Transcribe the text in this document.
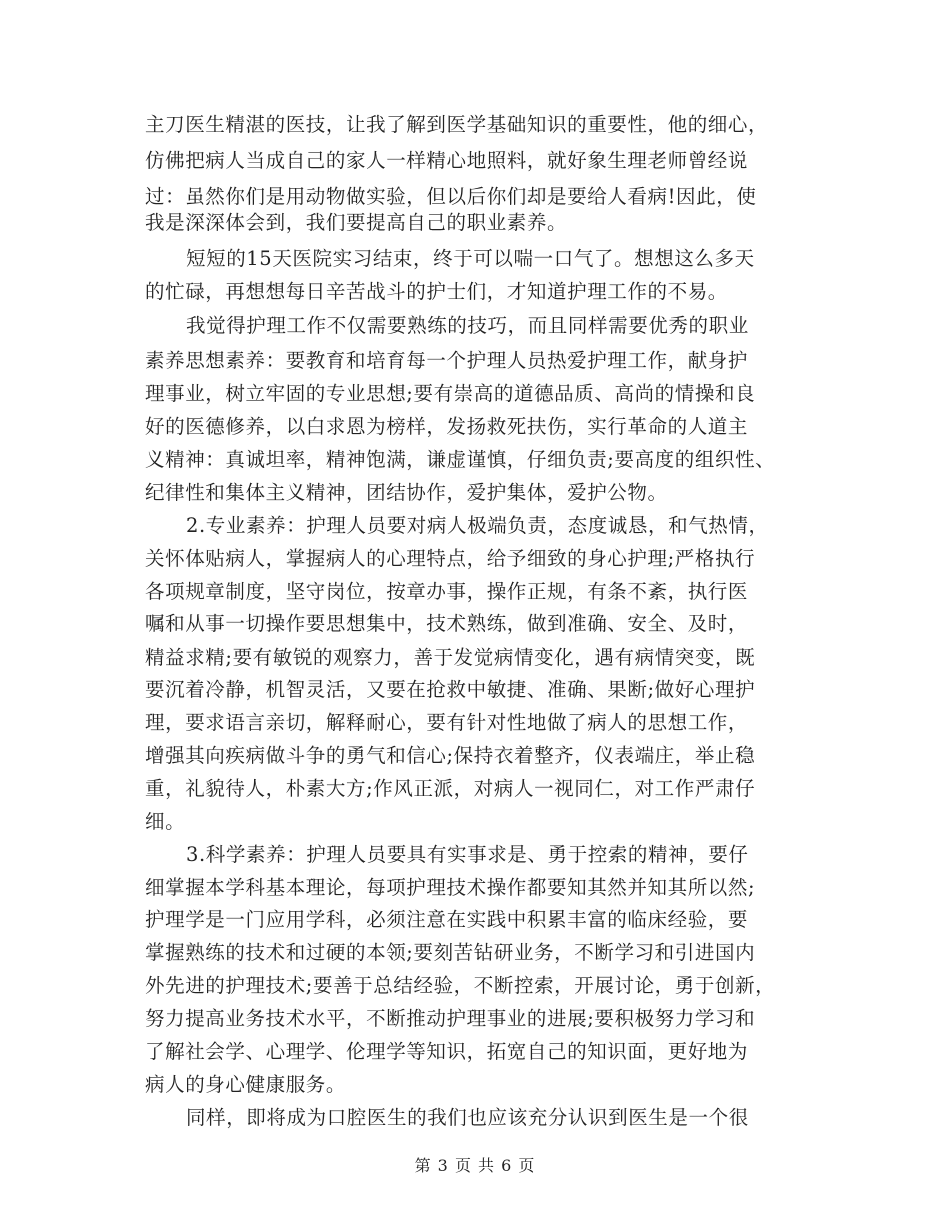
主刀医生精湛的医技，让我了解到医学基础知识的重要性，他的细心，
仿佛把病人当成自己的家人一样精心地照料，就好象生理老师曾经说
过：虽然你们是用动物做实验，但以后你们却是要给人看病!因此，使
我是深深体会到，我们要提高自己的职业素养。
短短的15天医院实习结束，终于可以喘一口气了。想想这么多天
的忙碌，再想想每日辛苦战斗的护士们，才知道护理工作的不易。
我觉得护理工作不仅需要熟练的技巧，而且同样需要优秀的职业
素养思想素养：要教育和培育每一个护理人员热爱护理工作，献身护
理事业，树立牢固的专业思想;要有崇高的道德品质、高尚的情操和良
好的医德修养，以白求恩为榜样，发扬救死扶伤，实行革命的人道主
义精神：真诚坦率，精神饱满，谦虚谨慎，仔细负责;要高度的组织性、
纪律性和集体主义精神，团结协作，爱护集体，爱护公物。
2.专业素养：护理人员要对病人极端负责，态度诚恳，和气热情，
关怀体贴病人，掌握病人的心理特点，给予细致的身心护理;严格执行
各项规章制度，坚守岗位，按章办事，操作正规，有条不紊，执行医
嘱和从事一切操作要思想集中，技术熟练，做到准确、安全、及时，
精益求精;要有敏锐的观察力，善于发觉病情变化，遇有病情突变，既
要沉着冷静，机智灵活，又要在抢救中敏捷、准确、果断;做好心理护
理，要求语言亲切，解释耐心，要有针对性地做了病人的思想工作，
增强其向疾病做斗争的勇气和信心;保持衣着整齐，仪表端庄，举止稳
重，礼貌待人，朴素大方;作风正派，对病人一视同仁，对工作严肃仔
细。
3.科学素养：护理人员要具有实事求是、勇于控索的精神，要仔
细掌握本学科基本理论，每项护理技术操作都要知其然并知其所以然;
护理学是一门应用学科，必须注意在实践中积累丰富的临床经验，要
掌握熟练的技术和过硬的本领;要刻苦钻研业务，不断学习和引进国内
外先进的护理技术;要善于总结经验，不断控索，开展讨论，勇于创新，
努力提高业务技术水平，不断推动护理事业的进展;要积极努力学习和
了解社会学、心理学、伦理学等知识，拓宽自己的知识面，更好地为
病人的身心健康服务。
同样，即将成为口腔医生的我们也应该充分认识到医生是一个很
第 3 页 共 6 页
